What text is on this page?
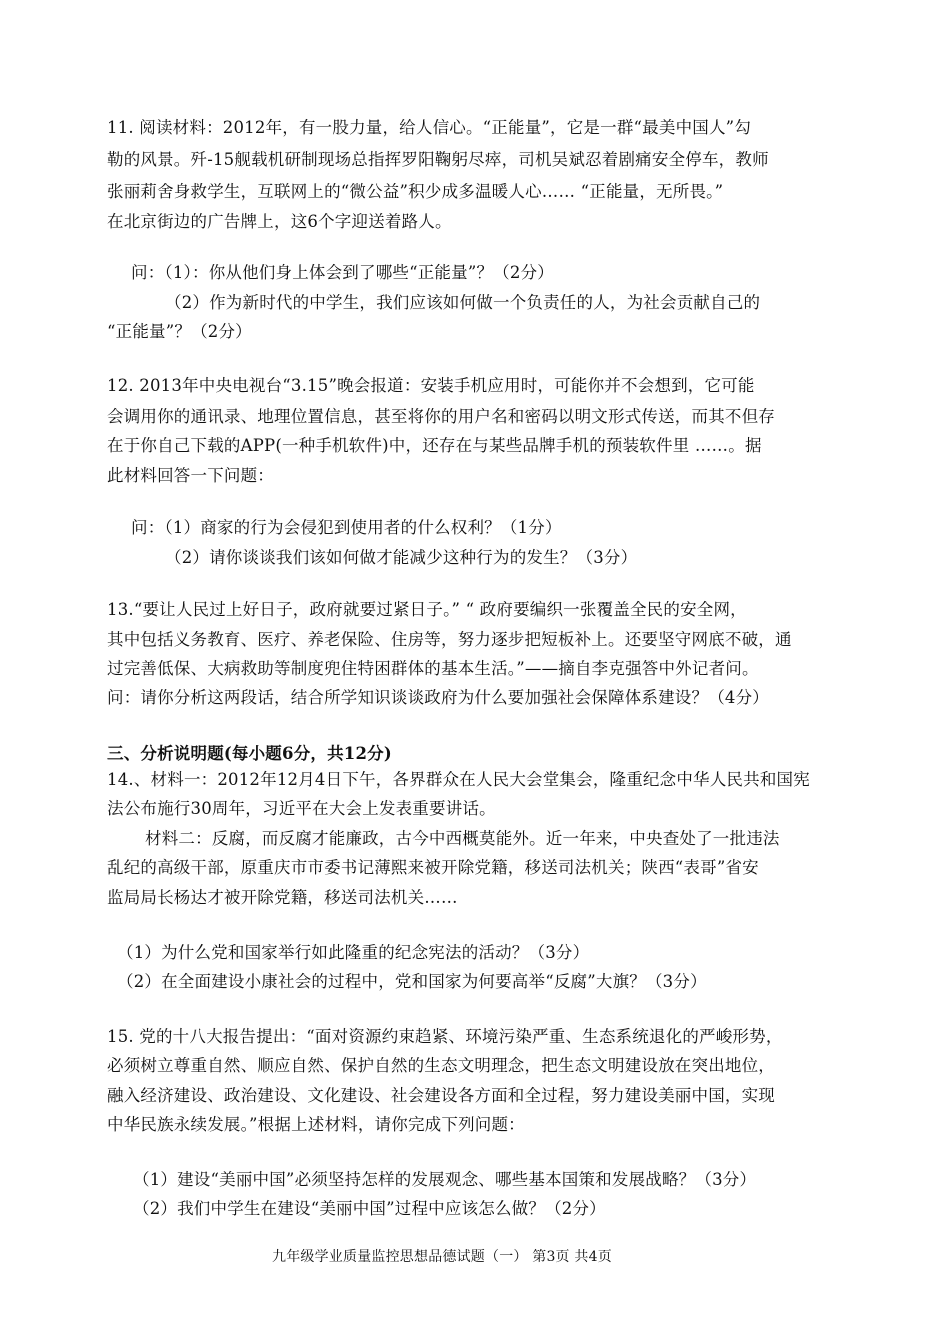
11. 阅读材料：2012年，有一股力量，给人信心。“正能量”，它是一群“最美中国人”勾
勒的风景。歼-15舰载机研制现场总指挥罗阳鞠躬尽瘁，司机吴斌忍着剧痛安全停车，教师
张丽莉舍身救学生，互联网上的“微公益”积少成多温暖人心…… “正能量，无所畏。”
在北京街边的广告牌上，这6个字迎送着路人。
问：（1）：你从他们身上体会到了哪些“正能量”？（2分）
（2）作为新时代的中学生，我们应该如何做一个负责任的人，为社会贡献自己的
“正能量”？（2分）
12. 2013年中央电视台“3.15”晚会报道：安装手机应用时，可能你并不会想到，它可能
会调用你的通讯录、地理位置信息，甚至将你的用户名和密码以明文形式传送，而其不但存
在于你自己下载的APP(一种手机软件)中，还存在与某些品牌手机的预装软件里 ……。据
此材料回答一下问题：
问：（1）商家的行为会侵犯到使用者的什么权利？（1分）
（2）请你谈谈我们该如何做才能减少这种行为的发生？（3分）
13.“要让人民过上好日子，政府就要过紧日子。” “ 政府要编织一张覆盖全民的安全网，
其中包括义务教育、医疗、养老保险、住房等，努力逐步把短板补上。还要坚守网底不破，通
过完善低保、大病救助等制度兜住特困群体的基本生活。”——摘自李克强答中外记者问。
问：请你分析这两段话，结合所学知识谈谈政府为什么要加强社会保障体系建设？（4分）
三、分析说明题(每小题6分，共12分)
14.、材料一：2012年12月4日下午，各界群众在人民大会堂集会，隆重纪念中华人民共和国宪
法公布施行30周年，习近平在大会上发表重要讲话。
材料二：反腐，而反腐才能廉政，古今中西概莫能外。近一年来，中央查处了一批违法
乱纪的高级干部，原重庆市市委书记薄熙来被开除党籍，移送司法机关；陕西“表哥”省安
监局局长杨达才被开除党籍，移送司法机关……
（1）为什么党和国家举行如此隆重的纪念宪法的活动？（3分）
（2）在全面建设小康社会的过程中，党和国家为何要高举“反腐”大旗？（3分）
15. 党的十八大报告提出：“面对资源约束趋紧、环境污染严重、生态系统退化的严峻形势，
必须树立尊重自然、顺应自然、保护自然的生态文明理念，把生态文明建设放在突出地位，
融入经济建设、政治建设、文化建设、社会建设各方面和全过程，努力建设美丽中国，实现
中华民族永续发展。”根据上述材料，请你完成下列问题：
（1）建设“美丽中国”必须坚持怎样的发展观念、哪些基本国策和发展战略？（3分）
（2）我们中学生在建设“美丽中国”过程中应该怎么做？（2分）
九年级学业质量监控思想品德试题（一） 第3页 共4页
